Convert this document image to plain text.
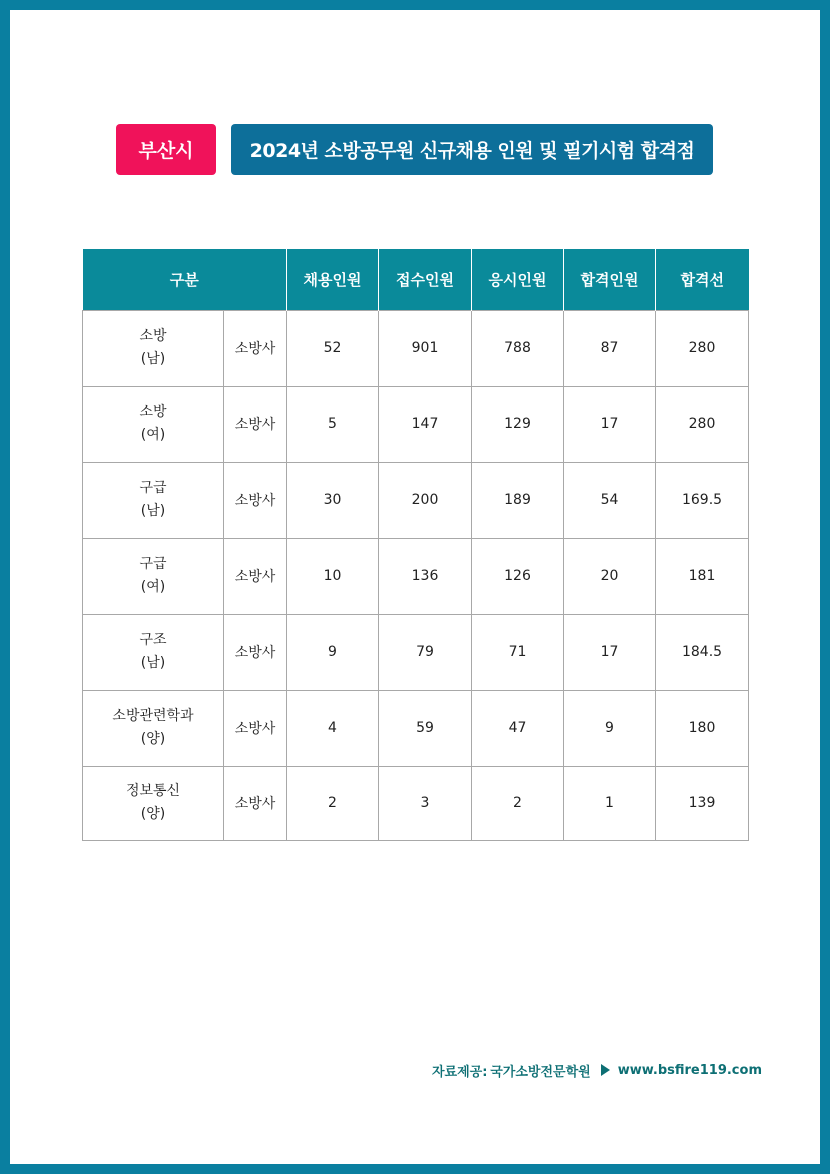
부산시	2024년 소방공무원 신규채용 인원 및 필기시험 합격점
구분		채용인원	접수인원	응시인원	합격인원	합격선

소방
(남)	소방사	52	901	788	87	280

소방
(여)	소방사	5	147	129	17	280

구급
(남)	소방사	30	200	189	54	169.5

구급
(여)	소방사	10	136	126	20	181

구조
(남)	소방사	9	79	71	17	184.5

소방관련학과
(양)	소방사	4	59	47	9	180

정보통신
(양)	소방사	2	3	2	1	139
자료제공: 국가소방전문학원 www.bsfire119.com
